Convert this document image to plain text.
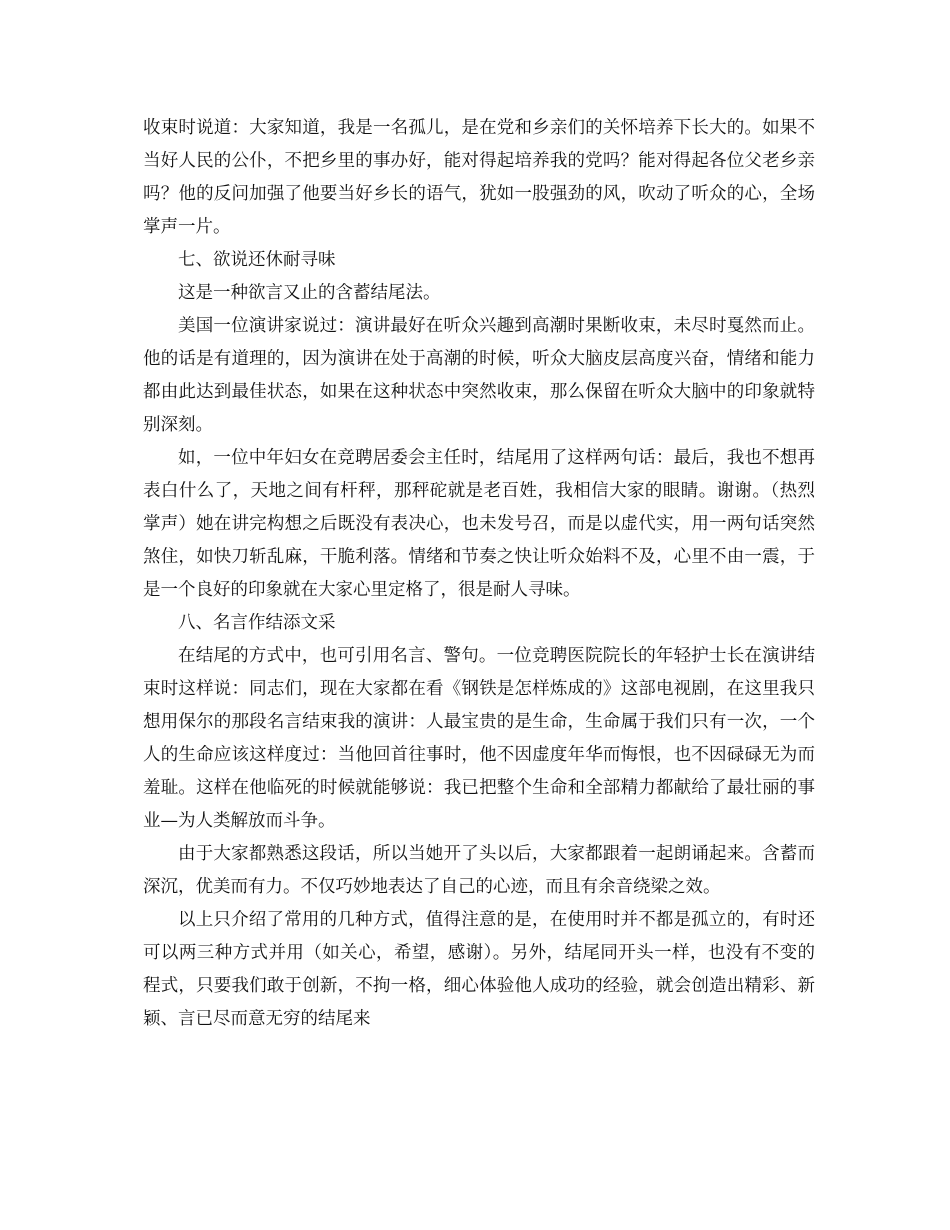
收束时说道：大家知道，我是一名孤儿，是在党和乡亲们的关怀培养下长大的。如果不当好人民的公仆，不把乡里的事办好，能对得起培养我的党吗？能对得起各位父老乡亲吗？他的反问加强了他要当好乡长的语气，犹如一股强劲的风，吹动了听众的心，全场掌声一片。

七、欲说还休耐寻味

这是一种欲言又止的含蓄结尾法。

美国一位演讲家说过：演讲最好在听众兴趣到高潮时果断收束，未尽时戛然而止。他的话是有道理的，因为演讲在处于高潮的时候，听众大脑皮层高度兴奋，情绪和能力都由此达到最佳状态，如果在这种状态中突然收束，那么保留在听众大脑中的印象就特别深刻。

如，一位中年妇女在竞聘居委会主任时，结尾用了这样两句话：最后，我也不想再表白什么了，天地之间有杆秤，那秤砣就是老百姓，我相信大家的眼睛。谢谢。（热烈掌声）她在讲完构想之后既没有表决心，也未发号召，而是以虚代实，用一两句话突然煞住，如快刀斩乱麻，干脆利落。情绪和节奏之快让听众始料不及，心里不由一震，于是一个良好的印象就在大家心里定格了，很是耐人寻味。

八、名言作结添文采

在结尾的方式中，也可引用名言、警句。一位竞聘医院院长的年轻护士长在演讲结束时这样说：同志们，现在大家都在看《钢铁是怎样炼成的》这部电视剧，在这里我只想用保尔的那段名言结束我的演讲：人最宝贵的是生命，生命属于我们只有一次，一个人的生命应该这样度过：当他回首往事时，他不因虚度年华而悔恨，也不因碌碌无为而羞耻。这样在他临死的时候就能够说：我已把整个生命和全部精力都献给了最壮丽的事业—为人类解放而斗争。

由于大家都熟悉这段话，所以当她开了头以后，大家都跟着一起朗诵起来。含蓄而深沉，优美而有力。不仅巧妙地表达了自己的心迹，而且有余音绕梁之效。

以上只介绍了常用的几种方式，值得注意的是，在使用时并不都是孤立的，有时还可以两三种方式并用（如关心，希望，感谢）。另外，结尾同开头一样，也没有不变的程式，只要我们敢于创新，不拘一格，细心体验他人成功的经验，就会创造出精彩、新颖、言已尽而意无穷的结尾来
